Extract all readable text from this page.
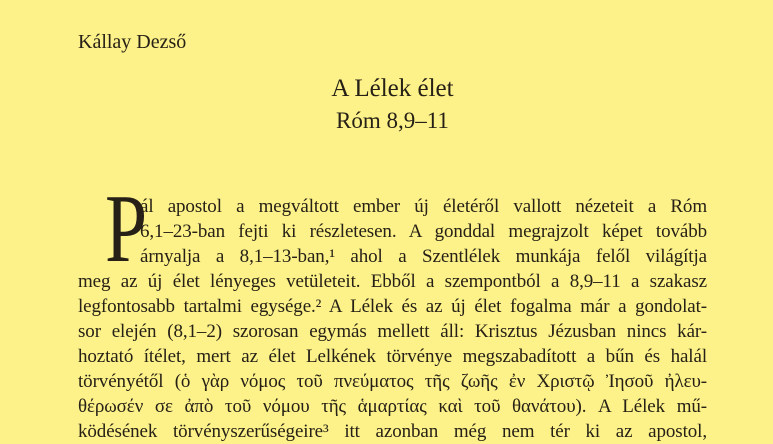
Kállay Dezső
A Lélek élet
Róm 8,9–11
P
ál apostol a megváltott ember új életéről vallott nézeteit a Róm
6,1–23-ban fejti ki részletesen. A gonddal megrajzolt képet tovább
árnyalja a 8,1–13-ban,¹ ahol a Szentlélek munkája felől világítja
meg az új élet lényeges vetületeit. Ebből a szempontból a 8,9–11 a szakasz
legfontosabb tartalmi egysége.² A Lélek és az új élet fogalma már a gondolat-
sor elején (8,1–2) szorosan egymás mellett áll: Krisztus Jézusban nincs kár-
hoztató ítélet, mert az élet Lelkének törvénye megszabadított a bűn és halál
törvényétől (ὁ γὰρ νόμος τοῦ πνεύματος τῆς ζωῆς ἐν Χριστῷ Ἰησοῦ ἠλευ-
θέρωσέν σε ἀπὸ τοῦ νόμου τῆς ἁμαρτίας καὶ τοῦ θανάτου). A Lélek mű-
ködésének törvényszerűségeire³ itt azonban még nem tér ki az apostol,
